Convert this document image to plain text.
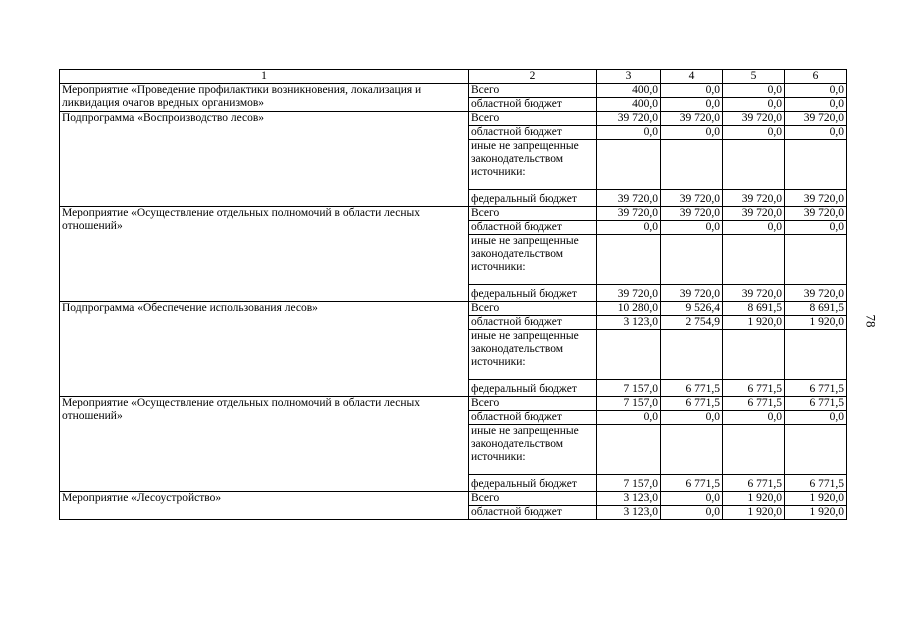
1	2	3	4	5	6
Мероприятие «Проведение профилактики возникновения, локализация и ликвидация очагов вредных организмов»	Всего	400,0	0,0	0,0	0,0
	областной бюджет	400,0	0,0	0,0	0,0
Подпрограмма «Воспроизводство лесов»	Всего	39 720,0	39 720,0	39 720,0	39 720,0
	областной бюджет	0,0	0,0	0,0	0,0
	иные не запрещенные законодательством источники:				
	федеральный бюджет	39 720,0	39 720,0	39 720,0	39 720,0
Мероприятие «Осуществление отдельных полномочий в области лесных отношений»	Всего	39 720,0	39 720,0	39 720,0	39 720,0
	областной бюджет	0,0	0,0	0,0	0,0
	иные не запрещенные законодательством источники:				
	федеральный бюджет	39 720,0	39 720,0	39 720,0	39 720,0
Подпрограмма «Обеспечение использования лесов»	Всего	10 280,0	9 526,4	8 691,5	8 691,5
	областной бюджет	3 123,0	2 754,9	1 920,0	1 920,0
	иные не запрещенные законодательством источники:				
	федеральный бюджет	7 157,0	6 771,5	6 771,5	6 771,5
Мероприятие «Осуществление отдельных полномочий в области лесных отношений»	Всего	7 157,0	6 771,5	6 771,5	6 771,5
	областной бюджет	0,0	0,0	0,0	0,0
	иные не запрещенные законодательством источники:				
	федеральный бюджет	7 157,0	6 771,5	6 771,5	6 771,5
Мероприятие «Лесоустройство»	Всего	3 123,0	0,0	1 920,0	1 920,0
	областной бюджет	3 123,0	0,0	1 920,0	1 920,0
78
